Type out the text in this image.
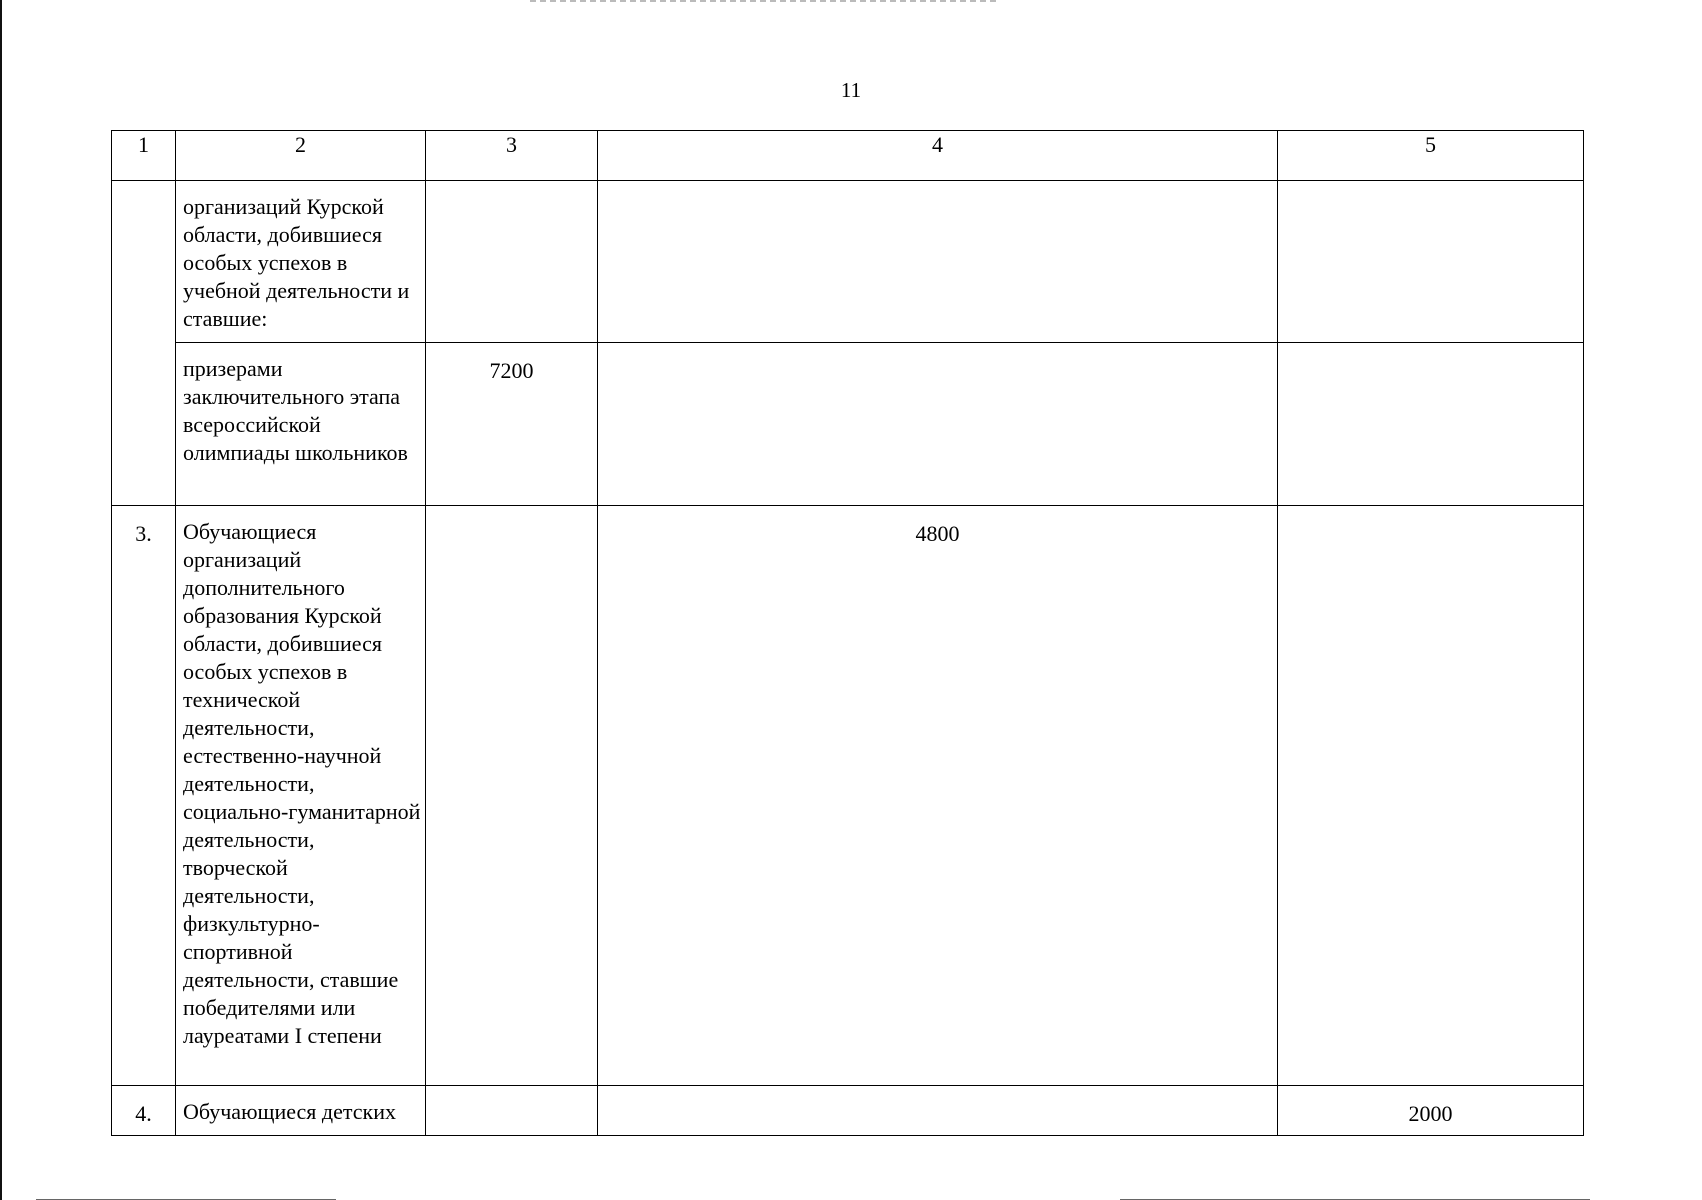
11
1	2	3	4	5
	организаций Курской области, добившиеся особых успехов в учебной деятельности и ставшие:			
	призерами заключительного этапа всероссийской олимпиады школьников	7200		
3.	Обучающиеся организаций дополнительного образования Курской области, добившиеся особых успехов в технической деятельности, естественно-научной деятельности, социально-гуманитарной деятельности, творческой деятельности, физкультурно-спортивной деятельности, ставшие победителями или лауреатами I степени		4800	
4.	Обучающиеся детских			2000
